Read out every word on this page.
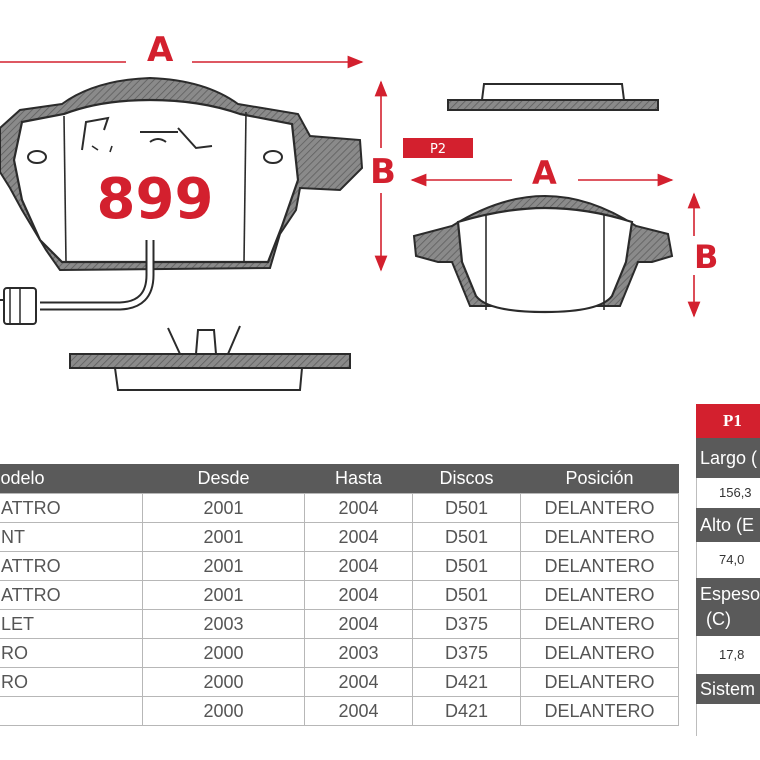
899
P2
A
B	A
B
odelo	Desde	Hasta	Discos	Posición
ATTRO	2001	2004	D501	DELANTERO
NT	2001	2004	D501	DELANTERO
ATTRO	2001	2004	D501	DELANTERO
ATTRO	2001	2004	D501	DELANTERO
LET	2003	2004	D375	DELANTERO
RO	2000	2003	D375	DELANTERO
RO	2000	2004	D421	DELANTERO
	2000	2004	D421	DELANTERO
P1
Largo (
156,3
Alto (E
74,0
Espeso
(C)
17,8
Sistem
